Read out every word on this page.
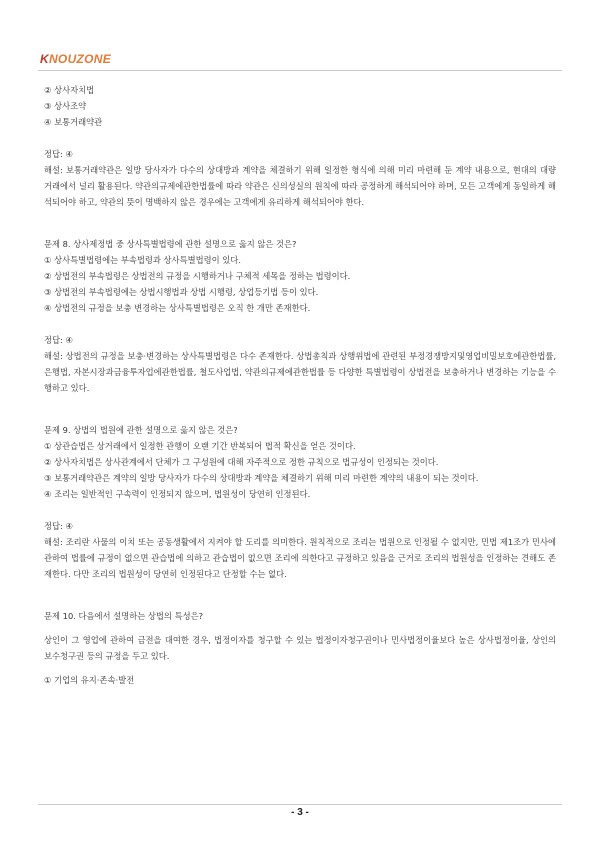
KNOUZONE

② 상사자치법

③ 상사조약

④ 보통거래약관

정답: ④

해설: 보통거래약관은 일방 당사자가 다수의 상대방과 계약을 체결하기 위해 일정한 형식에 의해 미리 마련해 둔 계약 내용으로, 현대의 대량 거래에서 널리 활용된다. 약관의규제에관한법률에 따라 약관은 신의성실의 원칙에 따라 공정하게 해석되어야 하며, 모든 고객에게 동일하게 해석되어야 하고, 약관의 뜻이 명백하지 않은 경우에는 고객에게 유리하게 해석되어야 한다.

문제 8. 상사제정법 중 상사특별법령에 관한 설명으로 옳지 않은 것은?

① 상사특별법령에는 부속법령과 상사특별법령이 있다.

② 상법전의 부속법령은 상법전의 규정을 시행하거나 구체적 세목을 정하는 법령이다.

③ 상법전의 부속법령에는 상법시행법과 상법 시행령, 상업등기법 등이 있다.

④ 상법전의 규정을 보충 변경하는 상사특별법령은 오직 한 개만 존재한다.

정답: ④

해설: 상법전의 규정을 보충·변경하는 상사특별법령은 다수 존재한다. 상법총칙과 상행위법에 관련된 부정경쟁방지및영업비밀보호에관한법률, 은행법, 자본시장과금융투자업에관한법률, 철도사업법, 약관의규제에관한법률 등 다양한 특별법령이 상법전을 보충하거나 변경하는 기능을 수행하고 있다.

문제 9. 상법의 법원에 관한 설명으로 옳지 않은 것은?

① 상관습법은 상거래에서 일정한 관행이 오랜 기간 반복되어 법적 확신을 얻은 것이다.

② 상사자치법은 상사관계에서 단체가 그 구성원에 대해 자주적으로 정한 규칙으로 법규성이 인정되는 것이다.

③ 보통거래약관은 계약의 일방 당사자가 다수의 상대방과 계약을 체결하기 위해 미리 마련한 계약의 내용이 되는 것이다.

④ 조리는 일반적인 구속력이 인정되지 않으며, 법원성이 당연히 인정된다.

정답: ④

해설: 조리란 사물의 이치 또는 공동생활에서 지켜야 할 도리를 의미한다. 원칙적으로 조리는 법원으로 인정될 수 없지만, 민법 제1조가 민사에 관하여 법률에 규정이 없으면 관습법에 의하고 관습법이 없으면 조리에 의한다고 규정하고 있음을 근거로 조리의 법원성을 인정하는 견해도 존재한다. 다만 조리의 법원성이 당연히 인정된다고 단정할 수는 없다.

문제 10. 다음에서 설명하는 상법의 특성은?

상인이 그 영업에 관하여 금전을 대여한 경우, 법정이자를 청구할 수 있는 법정이자청구권이나 민사법정이율보다 높은 상사법정이율, 상인의 보수청구권 등의 규정을 두고 있다.

① 기업의 유지·존속·발전

- 3 -
